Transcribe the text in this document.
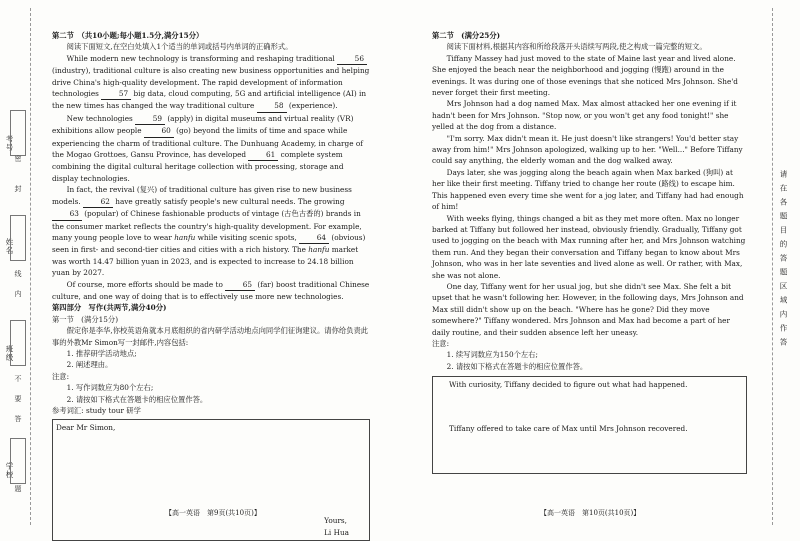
考号
姓名
班级
学校
密
封
线
内
不
要
答
题

第二节　（共10小题;每小题1.5分,满分15分）

阅读下面短文,在空白处填入1个适当的单词或括号内单词的正确形式。

While modern new technology is transforming and reshaping traditional 56 (industry), traditional culture is also creating new business opportunities and helping drive China's high-quality development. The rapid development of information technologies 57 big data, cloud computing, 5G and artificial intelligence (AI) in the new times has changed the way traditional culture 58 (experience).

New technologies 59 (apply) in digital museums and virtual reality (VR) exhibitions allow people 60 (go) beyond the limits of time and space while experiencing the charm of traditional culture. The Dunhuang Academy, in charge of the Mogao Grottoes, Gansu Province, has developed 61 complete system combining the digital cultural heritage collection with processing, storage and display technologies.

In fact, the revival (复兴) of traditional culture has given rise to new business models. 62 have greatly satisfy people's new cultural needs. The growing 63 (popular) of Chinese fashionable products of vintage (古色古香的) brands in the consumer market reflects the country's high-quality development. For example, many young people love to wear hanfu while visiting scenic spots, 64 (obvious) seen in first- and second-tier cities and cities with a rich history. The hanfu market was worth 14.47 billion yuan in 2023, and is expected to increase to 24.18 billion yuan by 2027.

Of course, more efforts should be made to 65 (far) boost traditional Chinese culture, and one way of doing that is to effectively use more new technologies.

第四部分　写作(共两节,满分40分)

第一节　(满分15分)

假定你是李华,你校英语角就本月底组织的省内研学活动地点向同学们征询建议。请你给负责此事的外教Mr Simon写一封邮件,内容包括:

1. 推荐研学活动地点;

2. 阐述理由。

注意:

1. 写作词数应为80个左右;

2. 请按如下格式在答题卡的相应位置作答。

参考词汇: study tour 研学

Dear Mr Simon,
Yours,
Li Hua
【高一英语　第9页(共10页)】

第二节　(满分25分)

阅读下面材料,根据其内容和所给段落开头语续写两段,使之构成一篇完整的短文。

Tiffany Massey had just moved to the state of Maine last year and lived alone. She enjoyed the beach near the neighborhood and jogging (慢跑) around in the evenings. It was during one of those evenings that she noticed Mrs Johnson. She'd never forget their first meeting.

Mrs Johnson had a dog named Max. Max almost attacked her one evening if it hadn't been for Mrs Johnson. "Stop now, or you won't get any food tonight!" she yelled at the dog from a distance.

"I'm sorry. Max didn't mean it. He just doesn't like strangers! You'd better stay away from him!" Mrs Johnson apologized, walking up to her. "Well..." Before Tiffany could say anything, the elderly woman and the dog walked away.

Days later, she was jogging along the beach again when Max barked (狗叫) at her like their first meeting. Tiffany tried to change her route (路线) to escape him. This happened even every time she went for a jog later, and Tiffany had had enough of him!

With weeks flying, things changed a bit as they met more often. Max no longer barked at Tiffany but followed her instead, obviously friendly. Gradually, Tiffany got used to jogging on the beach with Max running after her, and Mrs Johnson watching them run. And they began their conversation and Tiffany began to know about Mrs Johnson, who was in her late seventies and lived alone as well. Or rather, with Max, she was not alone.

One day, Tiffany went for her usual jog, but she didn't see Max. She felt a bit upset that he wasn't following her. However, in the following days, Mrs Johnson and Max still didn't show up on the beach. "Where has he gone? Did they move somewhere?" Tiffany wondered. Mrs Johnson and Max had become a part of her daily routine, and their sudden absence left her uneasy.

注意:

1. 续写词数应为150个左右;

2. 请按如下格式在答题卡的相应位置作答。

With curiosity, Tiffany decided to figure out what had happened.
Tiffany offered to take care of Max until Mrs Johnson recovered.
【高一英语　第10页(共10页)】
请
在
各
题
目
的
答
题
区
域
内
作
答
